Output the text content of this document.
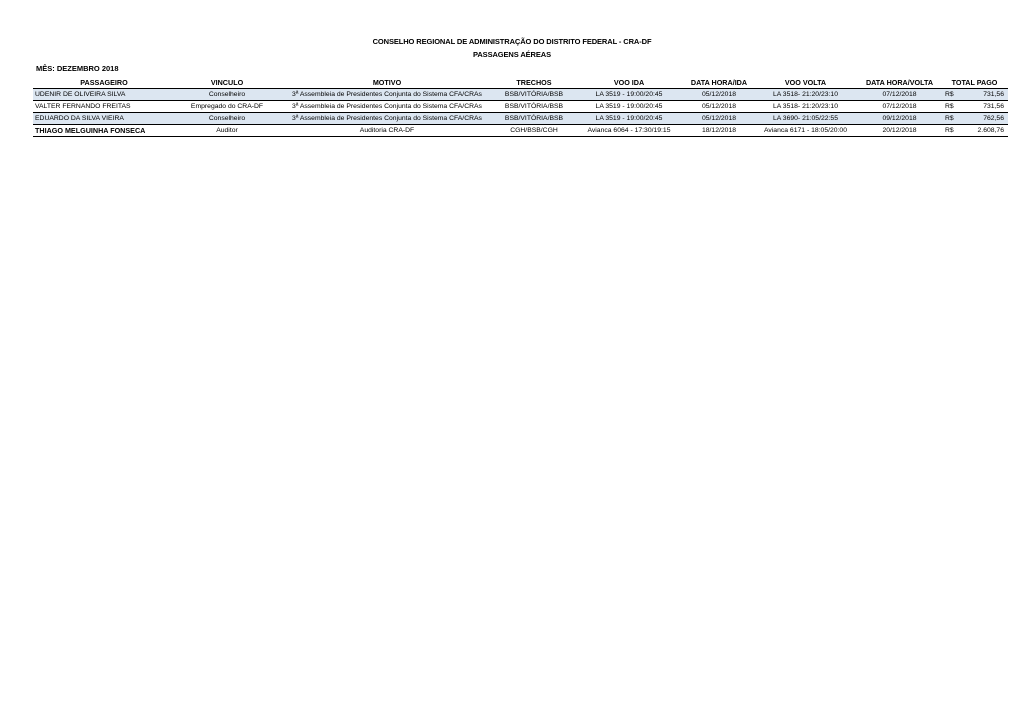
CONSELHO REGIONAL DE ADMINISTRAÇÃO DO DISTRITO FEDERAL - CRA-DF
PASSAGENS AÉREAS
MÊS: DEZEMBRO 2018
PASSAGEIRO	VINCULO	MOTIVO	TRECHOS	VOO IDA	DATA HORA/IDA	VOO VOLTA	DATA HORA/VOLTA	TOTAL PAGO
UDENIR DE OLIVEIRA SILVA	Conselheiro	3ª Assembleia de Presidentes Conjunta do Sistema CFA/CRAs	BSB/VITÓRIA/BSB	LA 3519 - 19:00/20:45	05/12/2018	LA 3518- 21:20/23:10	07/12/2018	R$ 731,56

VALTER FERNANDO FREITAS	Empregado do CRA-DF	3ª Assembleia de Presidentes Conjunta do Sistema CFA/CRAs	BSB/VITÓRIA/BSB	LA 3519 - 19:00/20:45	05/12/2018	LA 3518- 21:20/23:10	07/12/2018	R$ 731,56

EDUARDO DA SILVA VIEIRA	Conselheiro	3ª Assembleia de Presidentes Conjunta do Sistema CFA/CRAs	BSB/VITÓRIA/BSB	LA 3519 - 19:00/20:45	05/12/2018	LA 3690- 21:05/22:55	09/12/2018	R$ 762,56

THIAGO MELGUINHA FONSECA	Auditor	Auditoria CRA-DF	CGH/BSB/CGH	Avianca 6064 - 17:30/19:15	18/12/2018	Avianca 6171 - 18:05/20:00	20/12/2018	R$ 2.608,76
